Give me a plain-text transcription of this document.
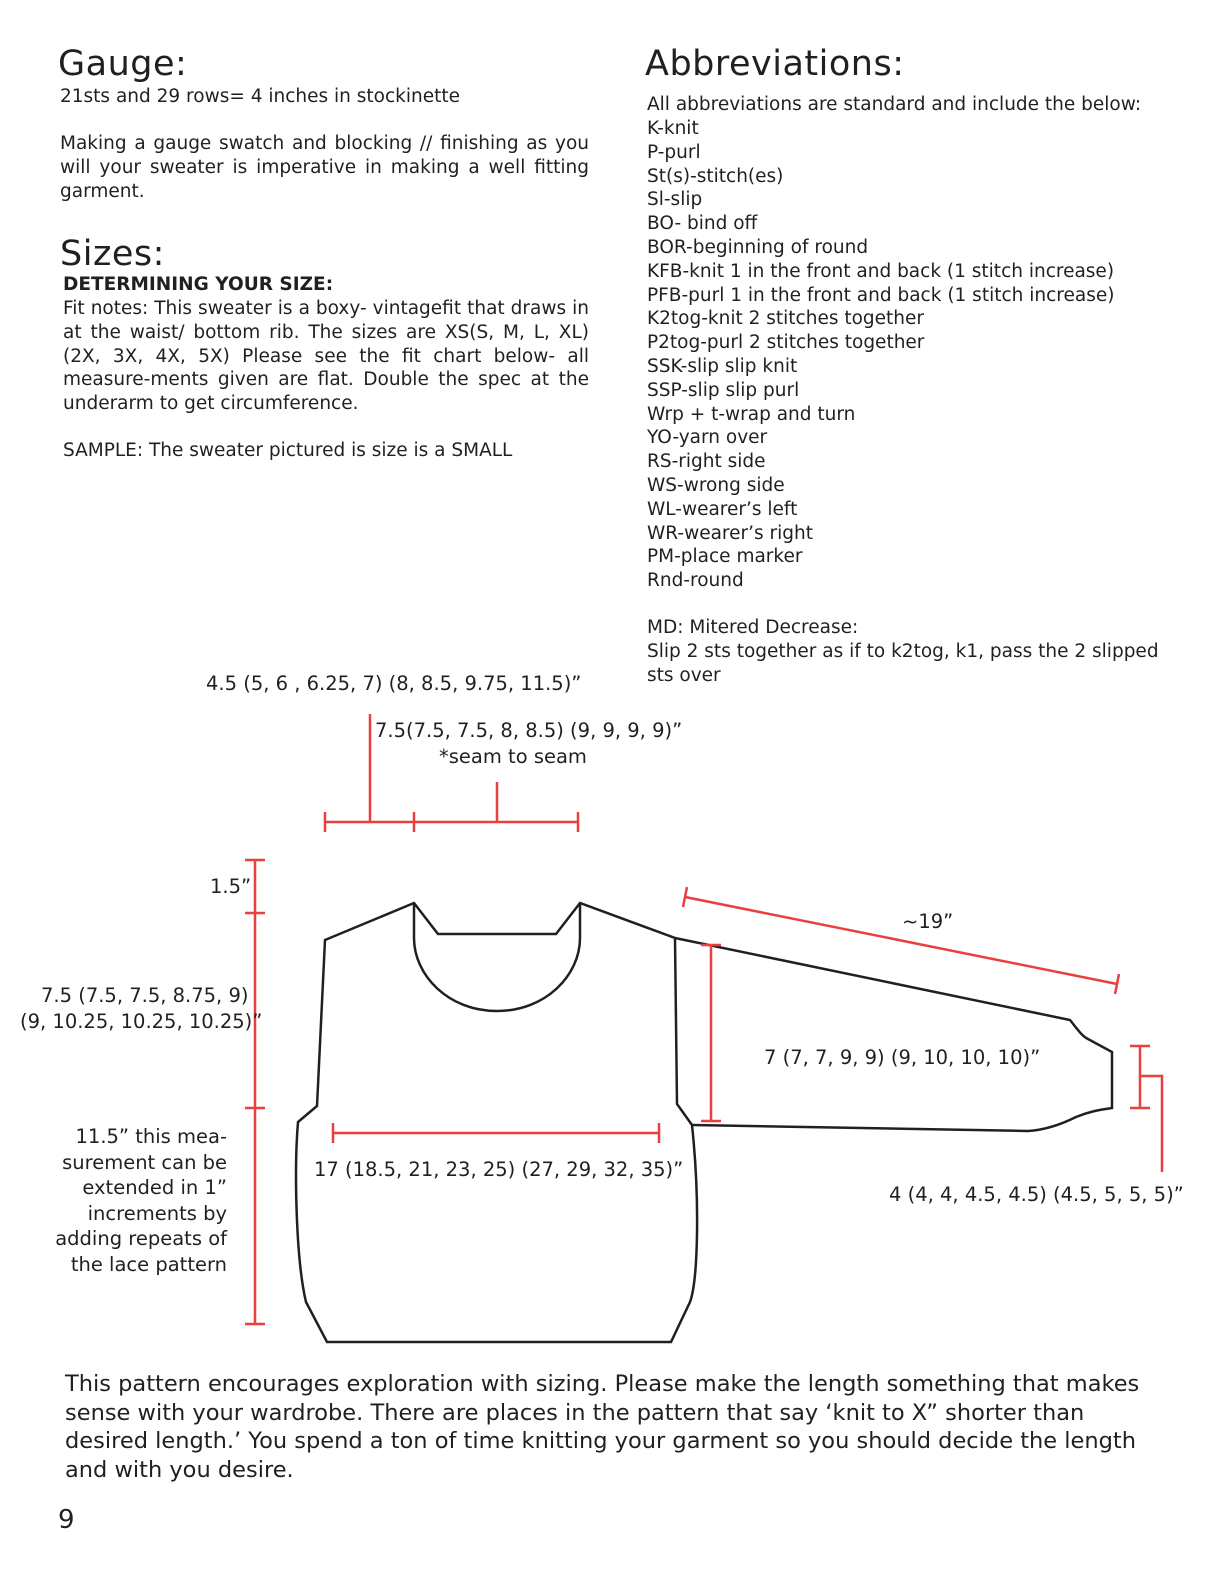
Gauge:
21sts and 29 rows= 4 inches in stockinette

Making a gauge swatch and blocking // finishing as you will your sweater is imperative in making a well fitting garment.

Sizes:
DETERMINING YOUR SIZE:

Fit notes: This sweater is a boxy- vintagefit that draws in at the waist/ bottom rib. The sizes are XS(S, M, L, XL) (2X, 3X, 4X, 5X) Please see the fit chart below- all measure-ments given are flat. Double the spec at the underarm to get circumference.

SAMPLE: The sweater pictured is size is a SMALL
Abbreviations:
All abbreviations are standard and include the below:
K-knit
P-purl
St(s)-stitch(es)
Sl-slip
BO- bind off
BOR-beginning of round
KFB-knit 1 in the front and back (1 stitch increase)
PFB-purl 1 in the front and back (1 stitch increase)
K2tog-knit 2 stitches together
P2tog-purl 2 stitches together
SSK-slip slip knit
SSP-slip slip purl
Wrp + t-wrap and turn
YO-yarn over
RS-right side
WS-wrong side
WL-wearer’s left
WR-wearer’s right
PM-place marker
Rnd-round
MD: Mitered Decrease:

Slip 2 sts together as if to k2tog, k1, pass the 2 slipped sts over

4.5 (5, 6 , 6.25, 7) (8, 8.5, 9.75, 11.5)”
7.5(7.5, 7.5, 8, 8.5) (9, 9, 9, 9)”
*seam to seam
1.5”
7.5 (7.5, 7.5, 8.75, 9)
(9, 10.25, 10.25, 10.25)”
11.5” this mea-surement can be extended in 1” increments by adding repeats of the lace pattern
17 (18.5, 21, 23, 25) (27, 29, 32, 35)”
~19”
7 (7, 7, 9, 9) (9, 10, 10, 10)”
4 (4, 4, 4.5, 4.5) (4.5, 5, 5, 5)”

This pattern encourages exploration with sizing. Please make the length something that makes sense with your wardrobe. There are places in the pattern that say ‘knit to X” shorter than desired length.’ You spend a ton of time knitting your garment so you should decide the length and with you desire.

9
